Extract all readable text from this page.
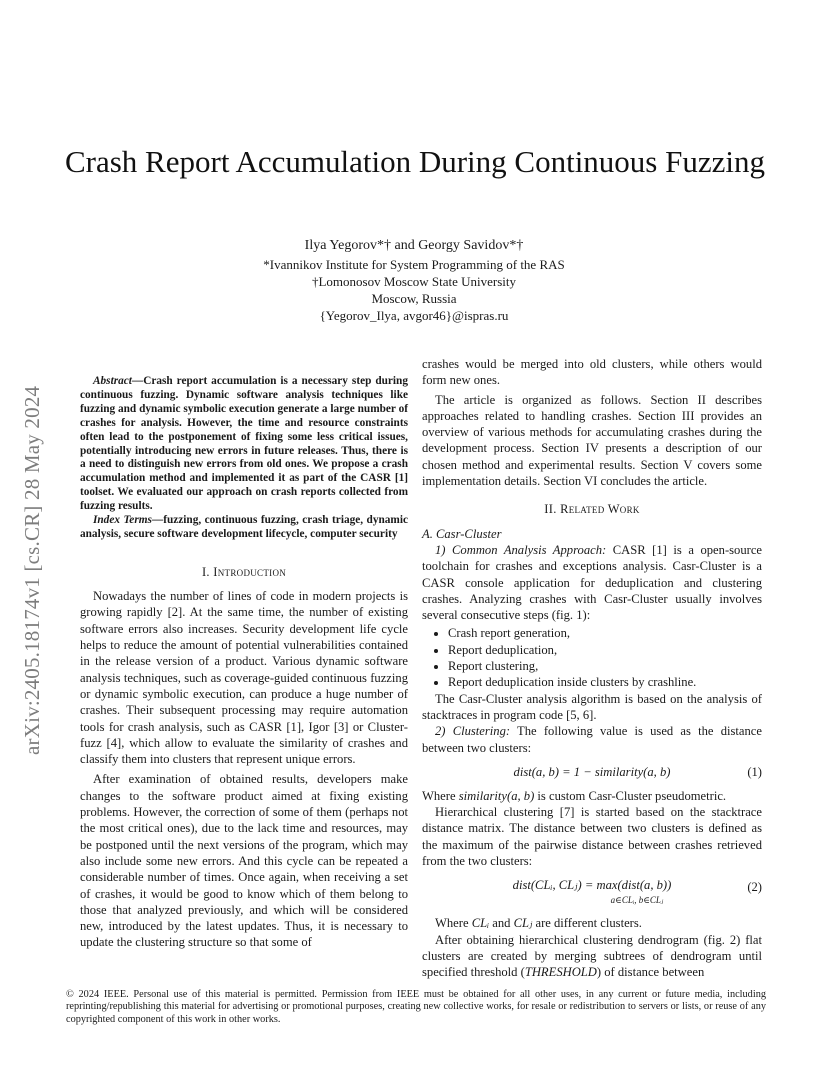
arXiv:2405.18174v1 [cs.CR] 28 May 2024
Crash Report Accumulation During Continuous Fuzzing
Ilya Yegorov*† and Georgy Savidov*†
*Ivannikov Institute for System Programming of the RAS
†Lomonosov Moscow State University
Moscow, Russia
{Yegorov_Ilya, avgor46}@ispras.ru

Abstract—Crash report accumulation is a necessary step during continuous fuzzing. Dynamic software analysis techniques like fuzzing and dynamic symbolic execution generate a large number of crashes for analysis. However, the time and resource constraints often lead to the postponement of fixing some less critical issues, potentially introducing new errors in future releases. Thus, there is a need to distinguish new errors from old ones. We propose a crash accumulation method and implemented it as part of the CASR [1] toolset. We evaluated our approach on crash reports collected from fuzzing results.

Index Terms—fuzzing, continuous fuzzing, crash triage, dynamic analysis, secure software development lifecycle, computer security

I. Introduction

Nowadays the number of lines of code in modern projects is growing rapidly [2]. At the same time, the number of existing software errors also increases. Security development life cycle helps to reduce the amount of potential vulnerabilities contained in the release version of a product. Various dynamic software analysis techniques, such as coverage-guided continuous fuzzing or dynamic symbolic execution, can produce a huge number of crashes. Their subsequent processing may require automation tools for crash analysis, such as CASR [1], Igor [3] or Cluster-fuzz [4], which allow to evaluate the similarity of crashes and classify them into clusters that represent unique errors.

After examination of obtained results, developers make changes to the software product aimed at fixing existing problems. However, the correction of some of them (perhaps not the most critical ones), due to the lack time and resources, may be postponed until the next versions of the program, which may also include some new errors. And this cycle can be repeated a considerable number of times. Once again, when receiving a set of crashes, it would be good to know which of them belong to those that analyzed previously, and which will be considered new, introduced by the latest updates. Thus, it is necessary to update the clustering structure so that some of

crashes would be merged into old clusters, while others would form new ones.

The article is organized as follows. Section II describes approaches related to handling crashes. Section III provides an overview of various methods for accumulating crashes during the development process. Section IV presents a description of our chosen method and experimental results. Section V covers some implementation details. Section VI concludes the article.

II. Related Work

A. Casr-Cluster

1) Common Analysis Approach: CASR [1] is a open-source toolchain for crashes and exceptions analysis. Casr-Cluster is a CASR console application for deduplication and clustering crashes. Analyzing crashes with Casr-Cluster usually involves several consecutive steps (fig. 1):

• Crash report generation,
• Report deduplication,
• Report clustering,
• Report deduplication inside clusters by crashline.

The Casr-Cluster analysis algorithm is based on the analysis of stacktraces in program code [5, 6].

2) Clustering: The following value is used as the distance between two clusters:

dist(a, b) = 1 − similarity(a, b)	(1)

Where similarity(a, b) is custom Casr-Cluster pseudometric.

Hierarchical clustering [7] is started based on the stacktrace distance matrix. The distance between two clusters is defined as the maximum of the pairwise distance between crashes retrieved from the two clusters:

dist(CLᵢ, CLⱼ) = max(dist(a, b))
a∈CLᵢ, b∈CLⱼ
(2)

Where CLᵢ and CLⱼ are different clusters.

After obtaining hierarchical clustering dendrogram (fig. 2) flat clusters are created by merging subtrees of dendrogram until specified threshold (THRESHOLD) of distance between

© 2024 IEEE. Personal use of this material is permitted. Permission from IEEE must be obtained for all other uses, in any current or future media, including reprinting/republishing this material for advertising or promotional purposes, creating new collective works, for resale or redistribution to servers or lists, or reuse of any copyrighted component of this work in other works.
